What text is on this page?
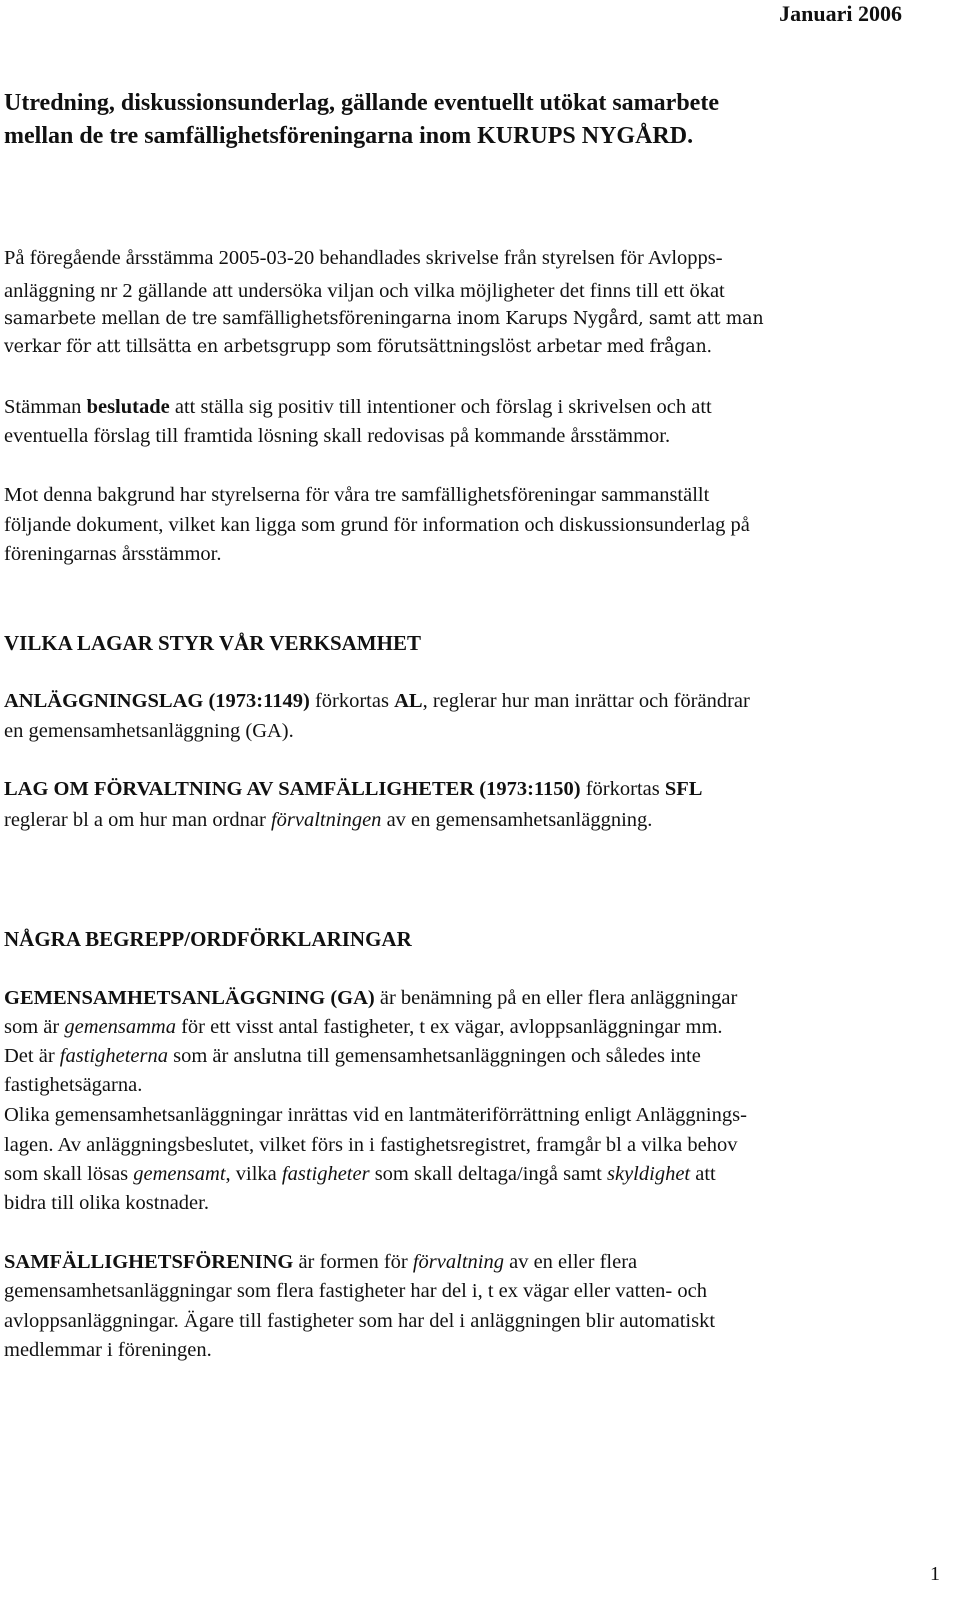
Januari 2006
Utredning, diskussionsunderlag, gällande eventuellt utökat samarbete
mellan de tre samfällighetsföreningarna inom KURUPS NYGÅRD.
På föregående årsstämma 2005-03-20 behandlades skrivelse från styrelsen för Avlopps-
anläggning nr 2 gällande att undersöka viljan och vilka möjligheter det finns till ett ökat
samarbete mellan de tre samfällighetsföreningarna inom Karups Nygård, samt att man
verkar för att tillsätta en arbetsgrupp som förutsättningslöst arbetar med frågan.
Stämman beslutade att ställa sig positiv till intentioner och förslag i skrivelsen och att
eventuella förslag till framtida lösning skall redovisas på kommande årsstämmor.
Mot denna bakgrund har styrelserna för våra tre samfällighetsföreningar sammanställt
följande dokument, vilket kan ligga som grund för information och diskussionsunderlag på
föreningarnas årsstämmor.
VILKA LAGAR STYR VÅR VERKSAMHET
ANLÄGGNINGSLAG (1973:1149) förkortas AL, reglerar hur man inrättar och förändrar
en gemensamhetsanläggning (GA).
LAG OM FÖRVALTNING AV SAMFÄLLIGHETER (1973:1150) förkortas SFL
reglerar bl a om hur man ordnar förvaltningen av en gemensamhetsanläggning.
NÅGRA BEGREPP/ORDFÖRKLARINGAR
GEMENSAMHETSANLÄGGNING (GA) är benämning på en eller flera anläggningar
som är gemensamma för ett visst antal fastigheter, t ex vägar, avloppsanläggningar mm.
Det är fastigheterna som är anslutna till gemensamhetsanläggningen och således inte
fastighetsägarna.
Olika gemensamhetsanläggningar inrättas vid en lantmäteriförrättning enligt Anläggnings-
lagen. Av anläggningsbeslutet, vilket förs in i fastighetsregistret, framgår bl a vilka behov
som skall lösas gemensamt, vilka fastigheter som skall deltaga/ingå samt skyldighet att
bidra till olika kostnader.
SAMFÄLLIGHETSFÖRENING är formen för förvaltning av en eller flera
gemensamhetsanläggningar som flera fastigheter har del i, t ex vägar eller vatten- och
avloppsanläggningar. Ägare till fastigheter som har del i anläggningen blir automatiskt
medlemmar i föreningen.
1
